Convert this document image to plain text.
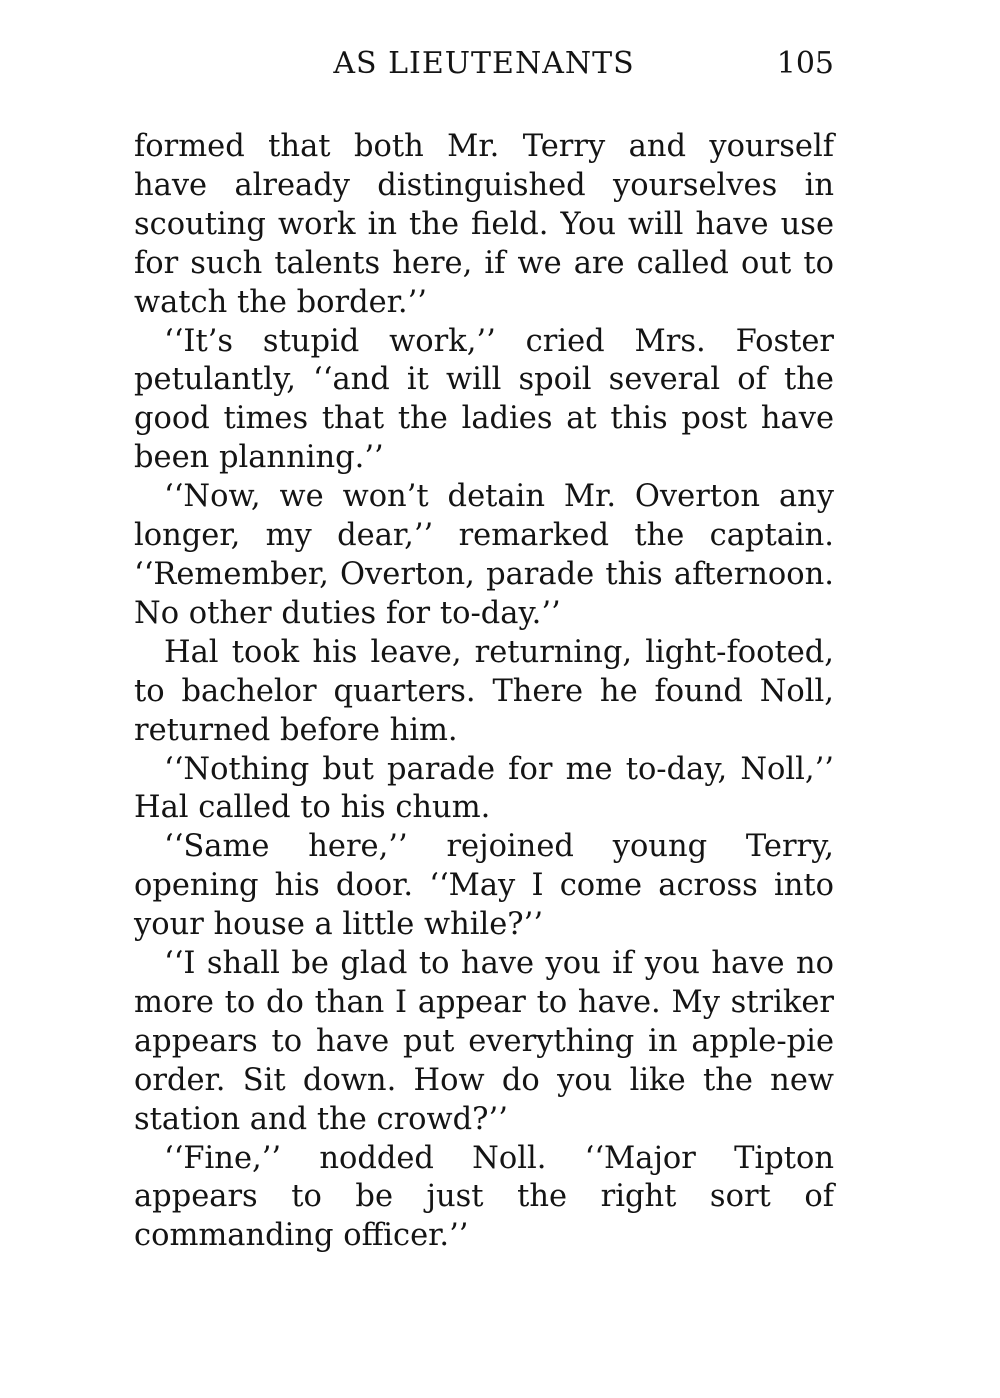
AS LIEUTENANTS	105

formed that both Mr. Terry and yourself have already distinguished yourselves in scouting work in the field. You will have use for such talents here, if we are called out to watch the border.’’

‘‘It’s stupid work,’’ cried Mrs. Foster petulantly, ‘‘and it will spoil several of the good times that the ladies at this post have been planning.’’

‘‘Now, we won’t detain Mr. Overton any longer, my dear,’’ remarked the captain. ‘‘Remember, Overton, parade this afternoon. No other duties for to-day.’’

Hal took his leave, returning, light-footed, to bachelor quarters. There he found Noll, returned before him.

‘‘Nothing but parade for me to-day, Noll,’’ Hal called to his chum.

‘‘Same here,’’ rejoined young Terry, opening his door. ‘‘May I come across into your house a little while?’’

‘‘I shall be glad to have you if you have no more to do than I appear to have. My striker appears to have put everything in apple-pie order. Sit down. How do you like the new station and the crowd?’’

‘‘Fine,’’ nodded Noll. ‘‘Major Tipton appears to be just the right sort of commanding officer.’’
